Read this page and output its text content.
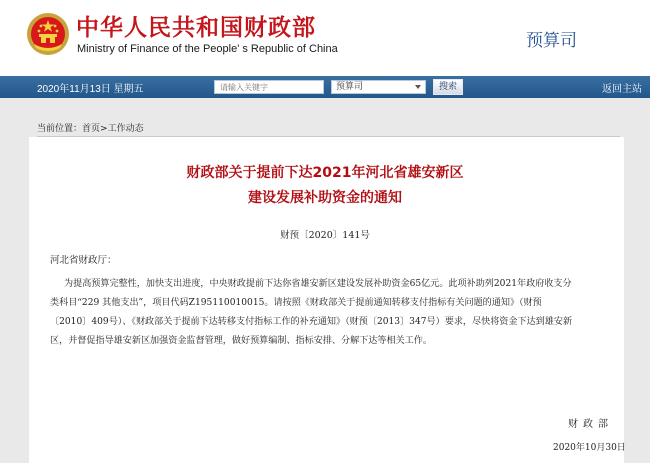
中华人民共和国财政部
Ministry of Finance of the People' s Republic of China	预算司
2020年11月13日 星期五
请输入关键字	预算司	搜索	返回主站
当前位置：首页>工作动态
财政部关于提前下达2021年河北省雄安新区
建设发展补助资金的通知
财预〔2020〕141号
河北省财政厅：
为提高预算完整性，加快支出进度，中央财政提前下达你省雄安新区建设发展补助资金65亿元。此项补助列2021年政府收支分
类科目“229 其他支出”，项目代码Z195110010015。请按照《财政部关于提前通知转移支付指标有关问题的通知》（财预
〔2010〕409号）、《财政部关于提前下达转移支付指标工作的补充通知》（财预〔2013〕347号）要求，尽快将资金下达到雄安新
区，并督促指导雄安新区加强资金监督管理，做好预算编制、指标安排、分解下达等相关工作。
财政部
2020年10月30日
